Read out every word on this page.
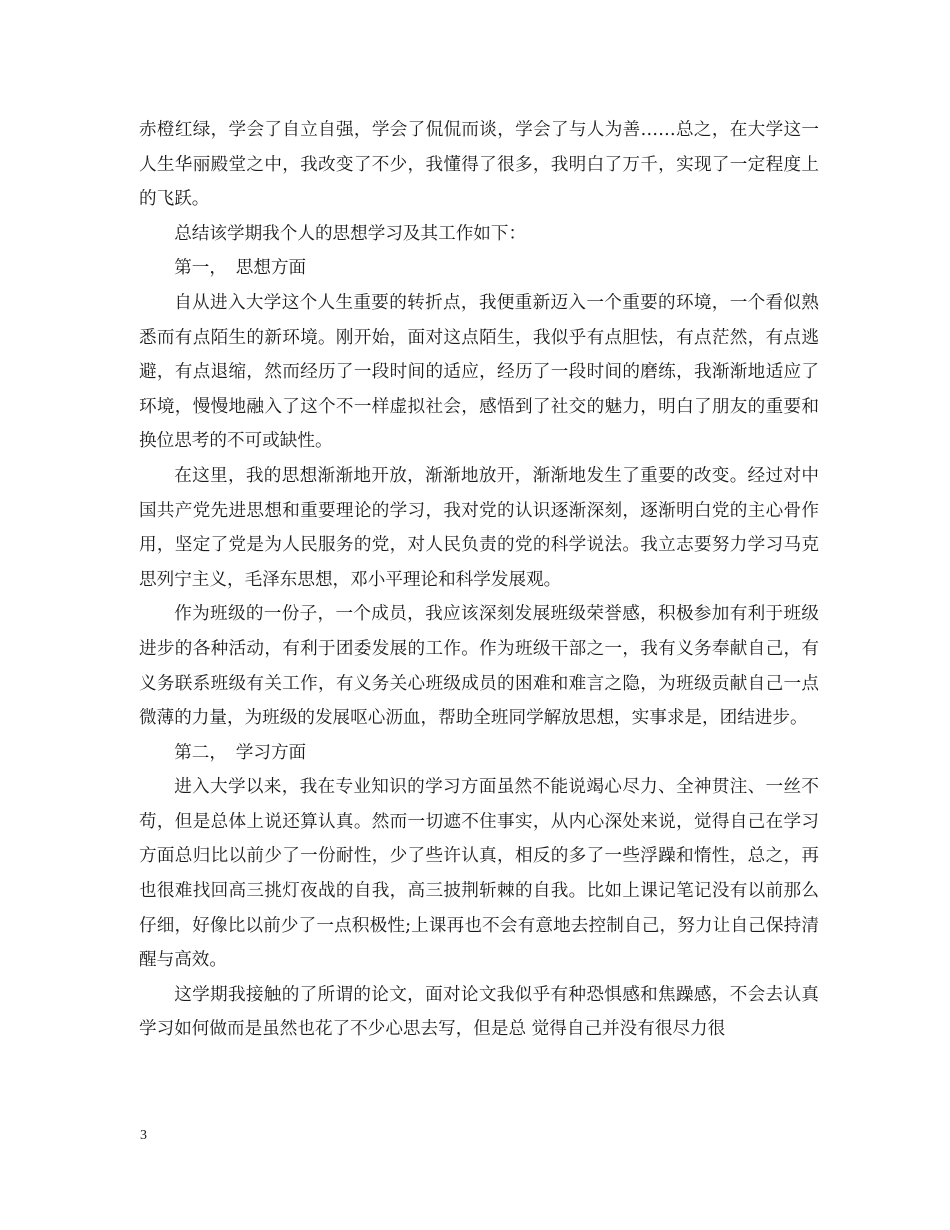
赤橙红绿，学会了自立自强，学会了侃侃而谈，学会了与人为善……总之，在大学这一人生华丽殿堂之中，我改变了不少，我懂得了很多，我明白了万千，实现了一定程度上的飞跃。

总结该学期我个人的思想学习及其工作如下：

第一，　思想方面

自从进入大学这个人生重要的转折点，我便重新迈入一个重要的环境，一个看似熟悉而有点陌生的新环境。刚开始，面对这点陌生，我似乎有点胆怯，有点茫然，有点逃避，有点退缩，然而经历了一段时间的适应，经历了一段时间的磨练，我渐渐地适应了环境，慢慢地融入了这个不一样虚拟社会，感悟到了社交的魅力，明白了朋友的重要和换位思考的不可或缺性。

在这里，我的思想渐渐地开放，渐渐地放开，渐渐地发生了重要的改变。经过对中国共产党先进思想和重要理论的学习，我对党的认识逐渐深刻，逐渐明白党的主心骨作用，坚定了党是为人民服务的党，对人民负责的党的科学说法。我立志要努力学习马克思列宁主义，毛泽东思想，邓小平理论和科学发展观。

作为班级的一份子，一个成员，我应该深刻发展班级荣誉感，积极参加有利于班级进步的各种活动，有利于团委发展的工作。作为班级干部之一，我有义务奉献自己，有义务联系班级有关工作，有义务关心班级成员的困难和难言之隐，为班级贡献自己一点微薄的力量，为班级的发展呕心沥血，帮助全班同学解放思想，实事求是，团结进步。

第二，　学习方面

进入大学以来，我在专业知识的学习方面虽然不能说竭心尽力、全神贯注、一丝不苟，但是总体上说还算认真。然而一切遮不住事实，从内心深处来说，觉得自己在学习方面总归比以前少了一份耐性，少了些许认真，相反的多了一些浮躁和惰性，总之，再也很难找回高三挑灯夜战的自我，高三披荆斩棘的自我。比如上课记笔记没有以前那么仔细，好像比以前少了一点积极性;上课再也不会有意地去控制自己，努力让自己保持清醒与高效。

这学期我接触的了所谓的论文，面对论文我似乎有种恐惧感和焦躁感，不会去认真学习如何做而是虽然也花了不少心思去写，但是总 觉得自己并没有很尽力很

3
